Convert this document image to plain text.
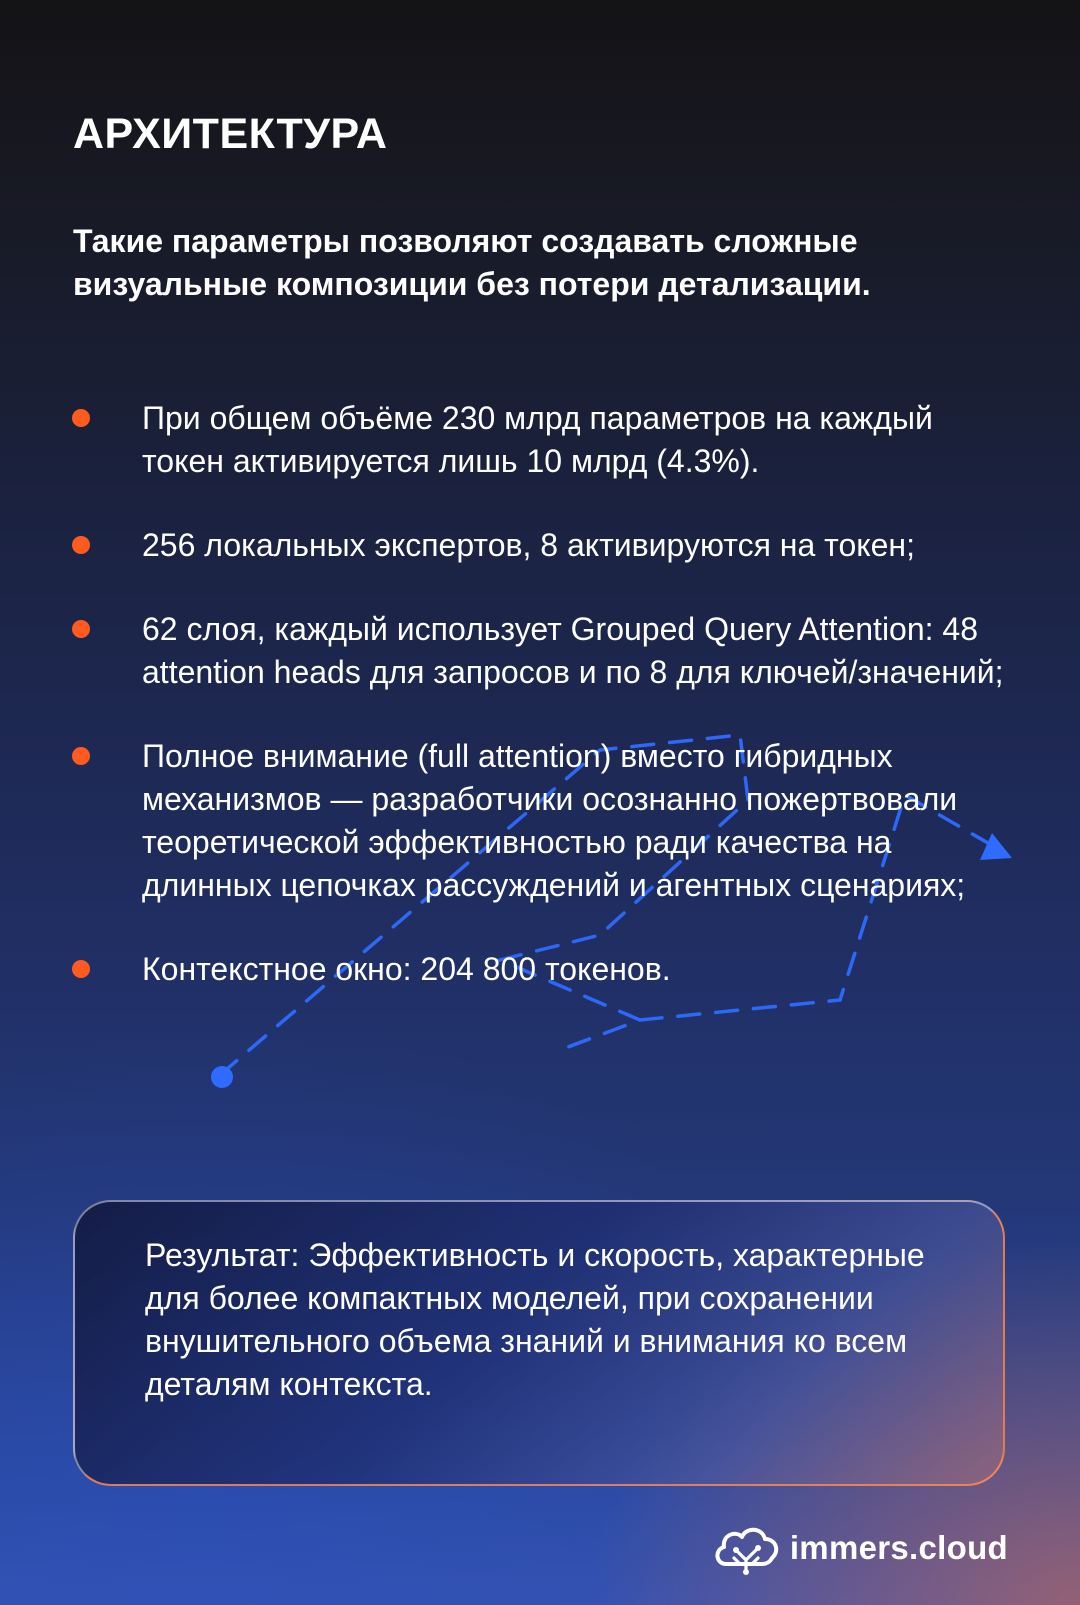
АРХИТЕКТУРА

Такие параметры позволяют создавать сложные визуальные композиции без потери детализации.

При общем объёме 230 млрд параметров на каждый токен активируется лишь 10 млрд (4.3%).
256 локальных экспертов, 8 активируются на токен;
62 слоя, каждый использует Grouped Query Attention: 48 attention heads для запросов и по 8 для ключей/значений;
Полное внимание (full attention) вместо гибридных механизмов — разработчики осознанно пожертвовали теоретической эффективностью ради качества на длинных цепочках рассуждений и агентных сценариях;
Контекстное окно: 204 800 токенов.

Результат: Эффективность и скорость, характерные для более компактных моделей, при сохранении внушительного объема знаний и внимания ко всем деталям контекста.

immers.cloud
